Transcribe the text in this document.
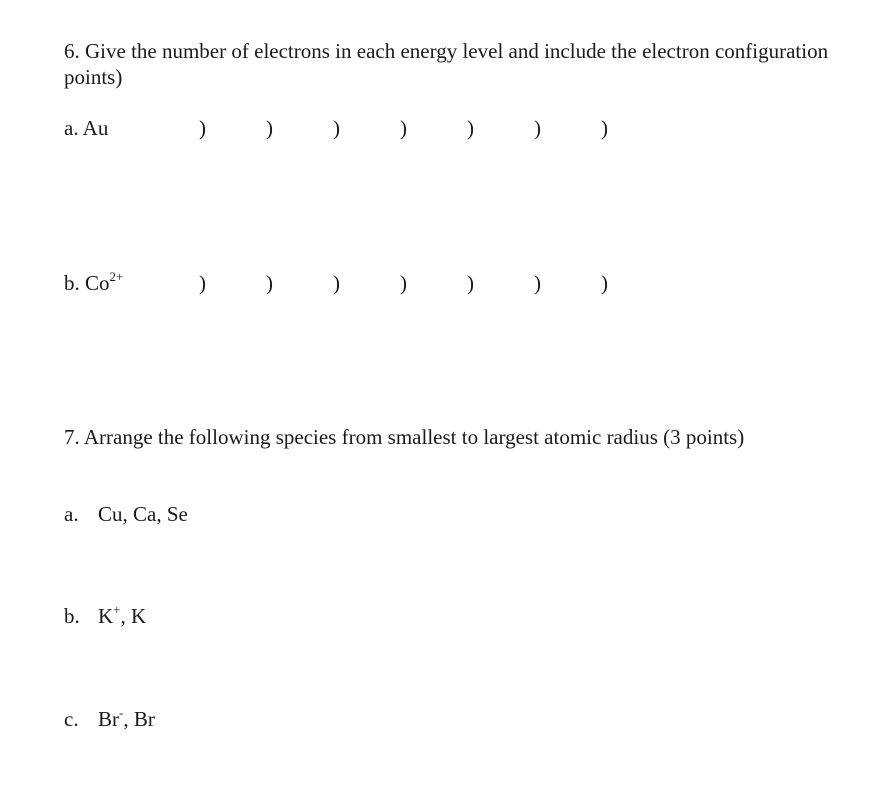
6. Give the number of electrons in each energy level and include the electron configuration
points)
a. Au	)	)	)	)	)	)	)
b. $Co^{2+}$	)	)	)	)	)	)	)
7. Arrange the following species from smallest to largest atomic radius (3 points)
a. Cu, Ca, Se
b. K+, K
c. Br-, Br
